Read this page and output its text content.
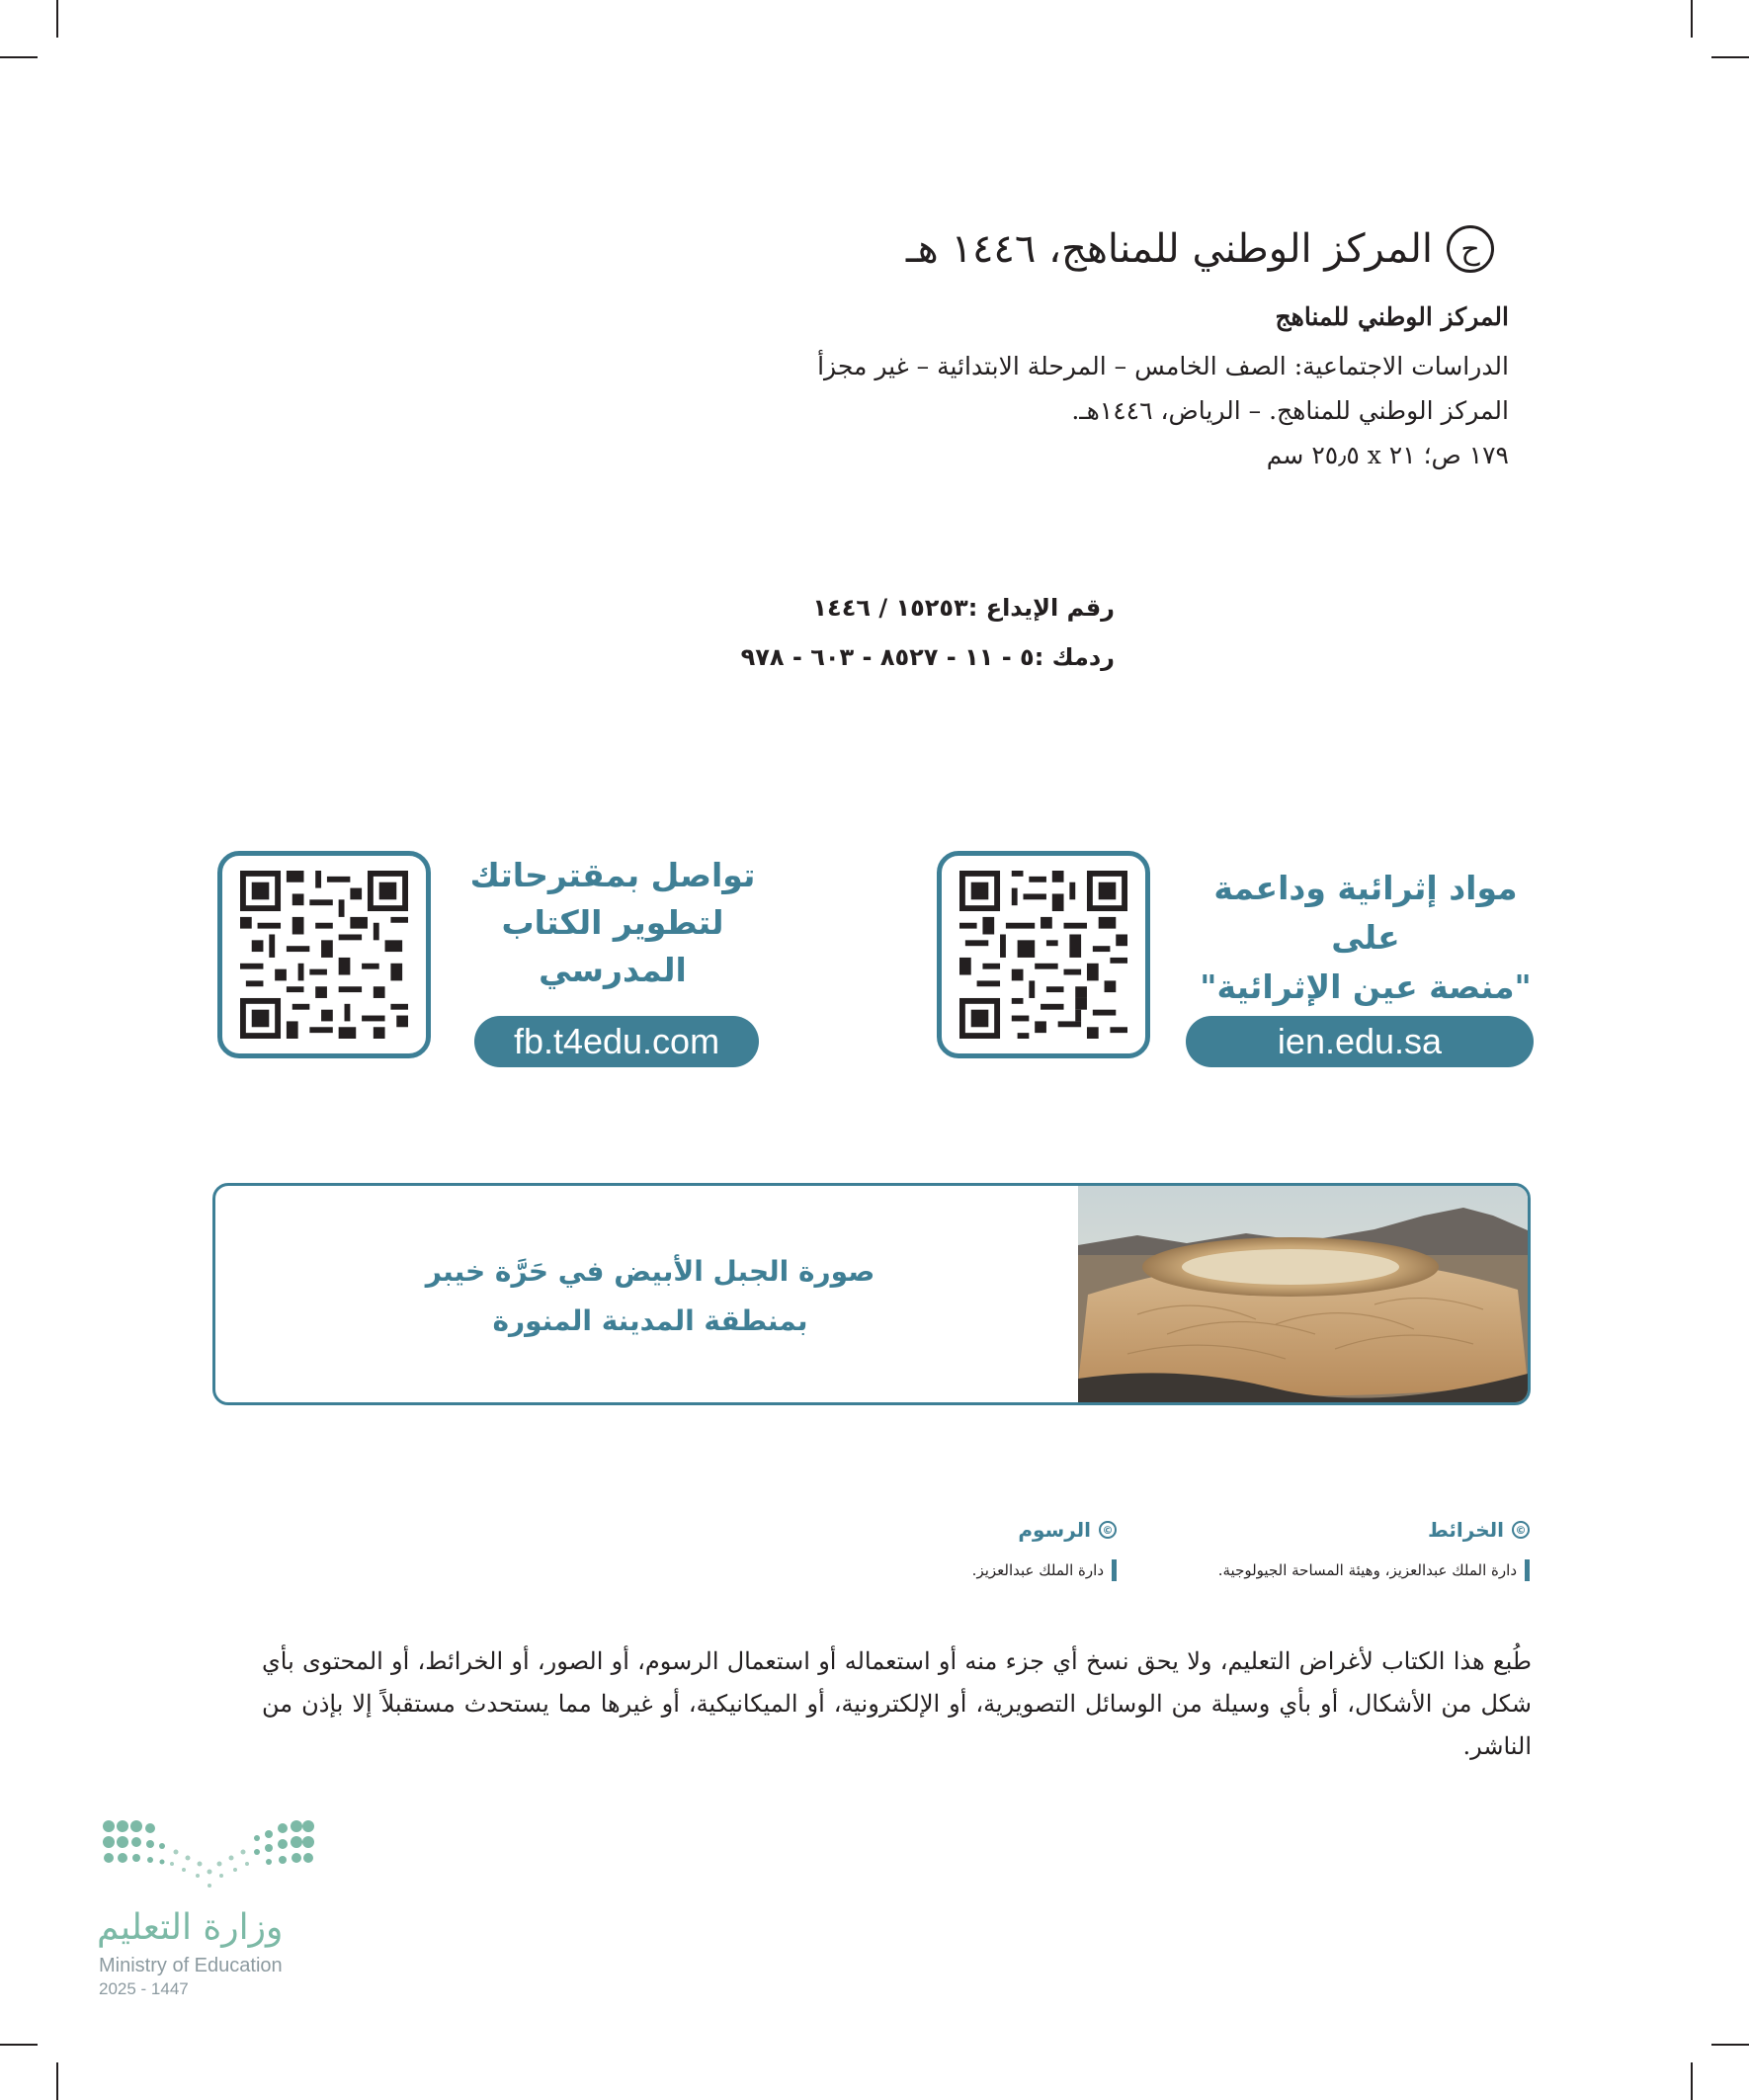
ح
المركز الوطني للمناهج، ١٤٤٦ هـ
المركز الوطني للمناهج
الدراسات الاجتماعية: الصف الخامس – المرحلة الابتدائية – غير مجزأ
المركز الوطني للمناهج. – الرياض، ١٤٤٦هـ.
١٧٩ ص؛ ٢١ x ٢٥٫٥ سم
رقم الإيداع :١٥٢٥٣ / ١٤٤٦
ردمك :٥ - ١١ - ٨٥٢٧ - ٦٠٣ - ٩٧٨
مواد إثرائية وداعمة على
"منصة عين الإثرائية"
ien.edu.sa
تواصل بمقترحاتك
لتطوير الكتاب
المدرسي
fb.t4edu.com
صورة الجبل الأبيض في حَرَّة خيبر
بمنطقة المدينة المنورة
©
الخرائط
دارة الملك عبدالعزيز، وهيئة المساحة الجيولوجية.
©
الرسوم
دارة الملك عبدالعزيز.
طُبع هذا الكتاب لأغراض التعليم، ولا يحق نسخ أي جزء منه أو استعماله أو استعمال الرسوم، أو الصور، أو الخرائط، أو المحتوى بأي شكل من الأشكال، أو بأي وسيلة من الوسائل التصويرية، أو الإلكترونية، أو الميكانيكية، أو غيرها مما يستحدث مستقبلاً إلا بإذن من الناشر.
وزارة التعليم
Ministry of Education
2025 - 1447
